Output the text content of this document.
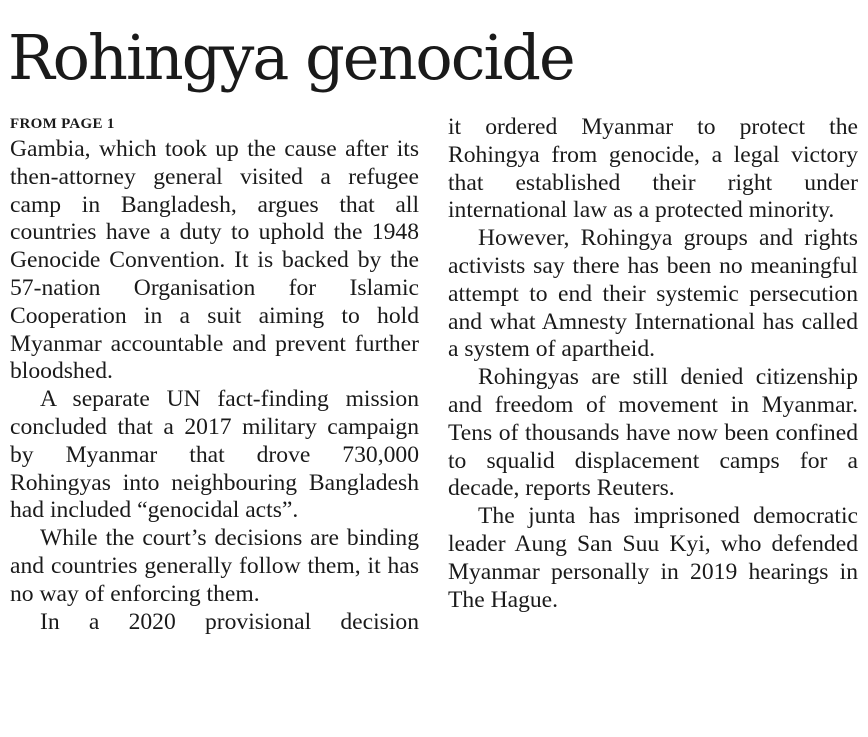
Rohingya genocide
FROM PAGE 1

Gambia, which took up the cause after its then-attorney general visited a refugee camp in Bangladesh, argues that all countries have a duty to uphold the 1948 Genocide Convention. It is backed by the 57-nation Organisation for Islamic Cooperation in a suit aiming to hold Myanmar accountable and prevent further bloodshed.

A separate UN fact-finding mission concluded that a 2017 military campaign by Myanmar that drove 730,000 Rohingyas into neighbouring Bangladesh had included “genocidal acts”.

While the court’s decisions are binding and countries generally follow them, it has no way of enforcing them.

In a 2020 provisional decision

it ordered Myanmar to protect the Rohingya from genocide, a legal victory that established their right under international law as a protected minority.

However, Rohingya groups and rights activists say there has been no meaningful attempt to end their systemic persecution and what Amnesty International has called a system of apartheid.

Rohingyas are still denied citizenship and freedom of movement in Myanmar. Tens of thousands have now been confined to squalid displacement camps for a decade, reports Reuters.

The junta has imprisoned democratic leader Aung San Suu Kyi, who defended Myanmar personally in 2019 hearings in The Hague.
